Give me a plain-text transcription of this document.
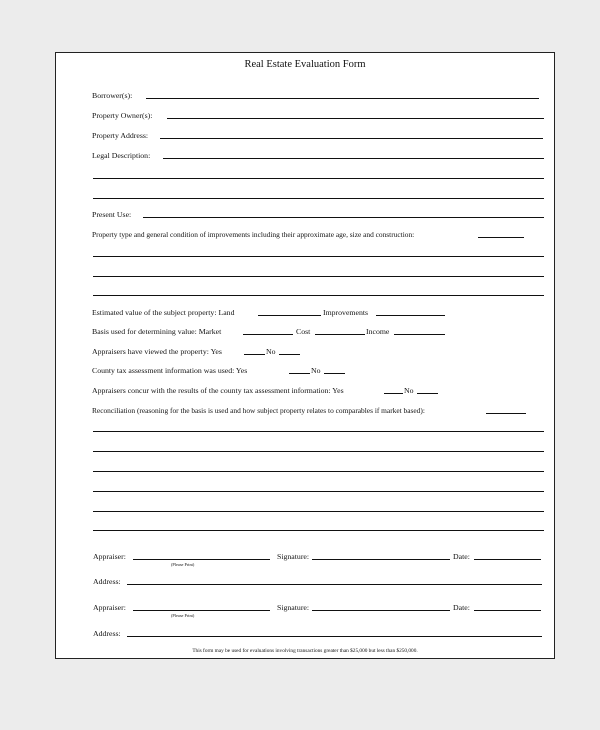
Real Estate Evaluation Form
Borrower(s):
Property Owner(s):
Property Address:
Legal Description:
Present Use:
Property type and general condition of improvements including their approximate age, size and construction:
Estimated value of the subject property: Land	Improvements
Basis used for determining value: Market	Cost	Income
Appraisers have viewed the property: Yes	No
County tax assessment information was used: Yes	No
Appraisers concur with the results of the county tax assessment information: Yes	No
Reconciliation (reasoning for the basis is used and how subject property relates to comparables if market based):
Appraiser:
(Please Print)
Signature:	Date:
Address:
Appraiser:
(Please Print)
Signature:	Date:
Address:
This form may be used for evaluations involving transactions greater than $25,000 but less than $250,000.
